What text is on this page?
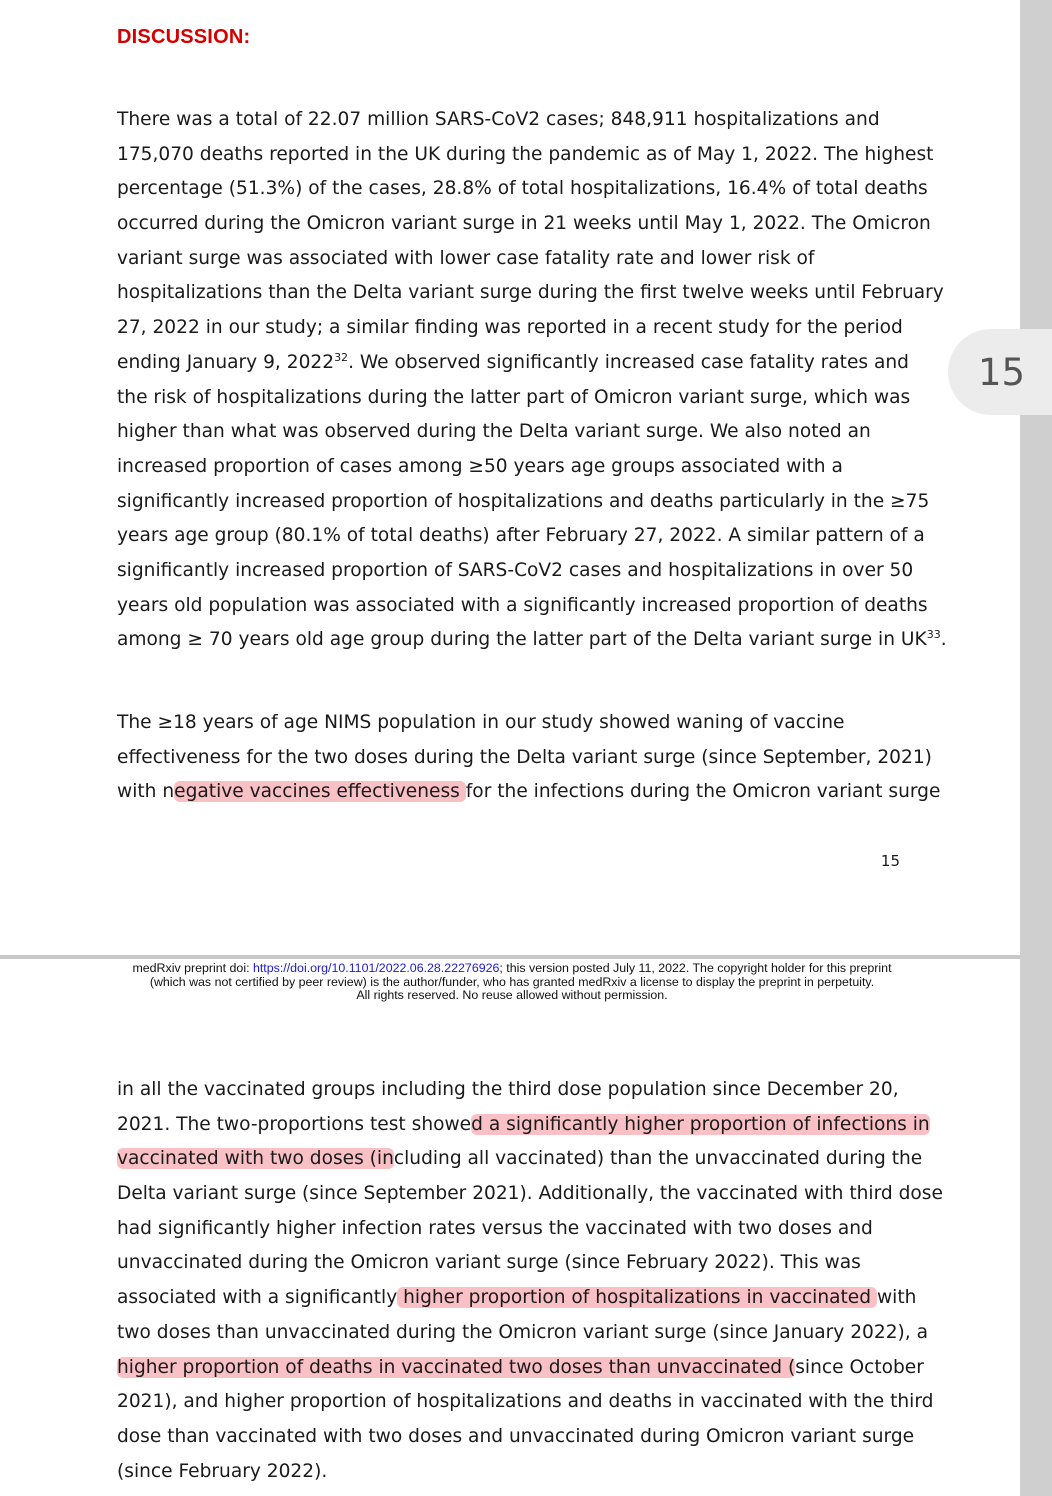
DISCUSSION:

There was a total of 22.07 million SARS-CoV2 cases; 848,911 hospitalizations and
175,070 deaths reported in the UK during the pandemic as of May 1, 2022. The highest
percentage (51.3%) of the cases, 28.8% of total hospitalizations, 16.4% of total deaths
occurred during the Omicron variant surge in 21 weeks until May 1, 2022. The Omicron
variant surge was associated with lower case fatality rate and lower risk of
hospitalizations than the Delta variant surge during the first twelve weeks until February
27, 2022 in our study; a similar finding was reported in a recent study for the period
ending January 9, 2022$^{32}$. We observed significantly increased case fatality rates and
the risk of hospitalizations during the latter part of Omicron variant surge, which was
higher than what was observed during the Delta variant surge. We also noted an
increased proportion of cases among ≥50 years age groups associated with a
significantly increased proportion of hospitalizations and deaths particularly in the ≥75
years age group (80.1% of total deaths) after February 27, 2022. A similar pattern of a
significantly increased proportion of SARS-CoV2 cases and hospitalizations in over 50
years old population was associated with a significantly increased proportion of deaths
among ≥ 70 years old age group during the latter part of the Delta variant surge in UK$^{33}$.

The ≥18 years of age NIMS population in our study showed waning of vaccine
effectiveness for the two doses during the Delta variant surge (since September, 2021)
with negative vaccines effectiveness for the infections during the Omicron variant surge

15
medRxiv preprint doi: https://doi.org/10.1101/2022.06.28.22276926; this version posted July 11, 2022. The copyright holder for this preprint
(which was not certified by peer review) is the author/funder, who has granted medRxiv a license to display the preprint in perpetuity.
All rights reserved. No reuse allowed without permission.

in all the vaccinated groups including the third dose population since December 20,
2021. The two-proportions test showed a significantly higher proportion of infections in
vaccinated with two doses (including all vaccinated) than the unvaccinated during the
Delta variant surge (since September 2021). Additionally, the vaccinated with third dose
had significantly higher infection rates versus the vaccinated with two doses and
unvaccinated during the Omicron variant surge (since February 2022). This was
associated with a significantly higher proportion of hospitalizations in vaccinated with
two doses than unvaccinated during the Omicron variant surge (since January 2022), a
higher proportion of deaths in vaccinated two doses than unvaccinated (since October
2021), and higher proportion of hospitalizations and deaths in vaccinated with the third
dose than vaccinated with two doses and unvaccinated during Omicron variant surge
(since February 2022).

15
